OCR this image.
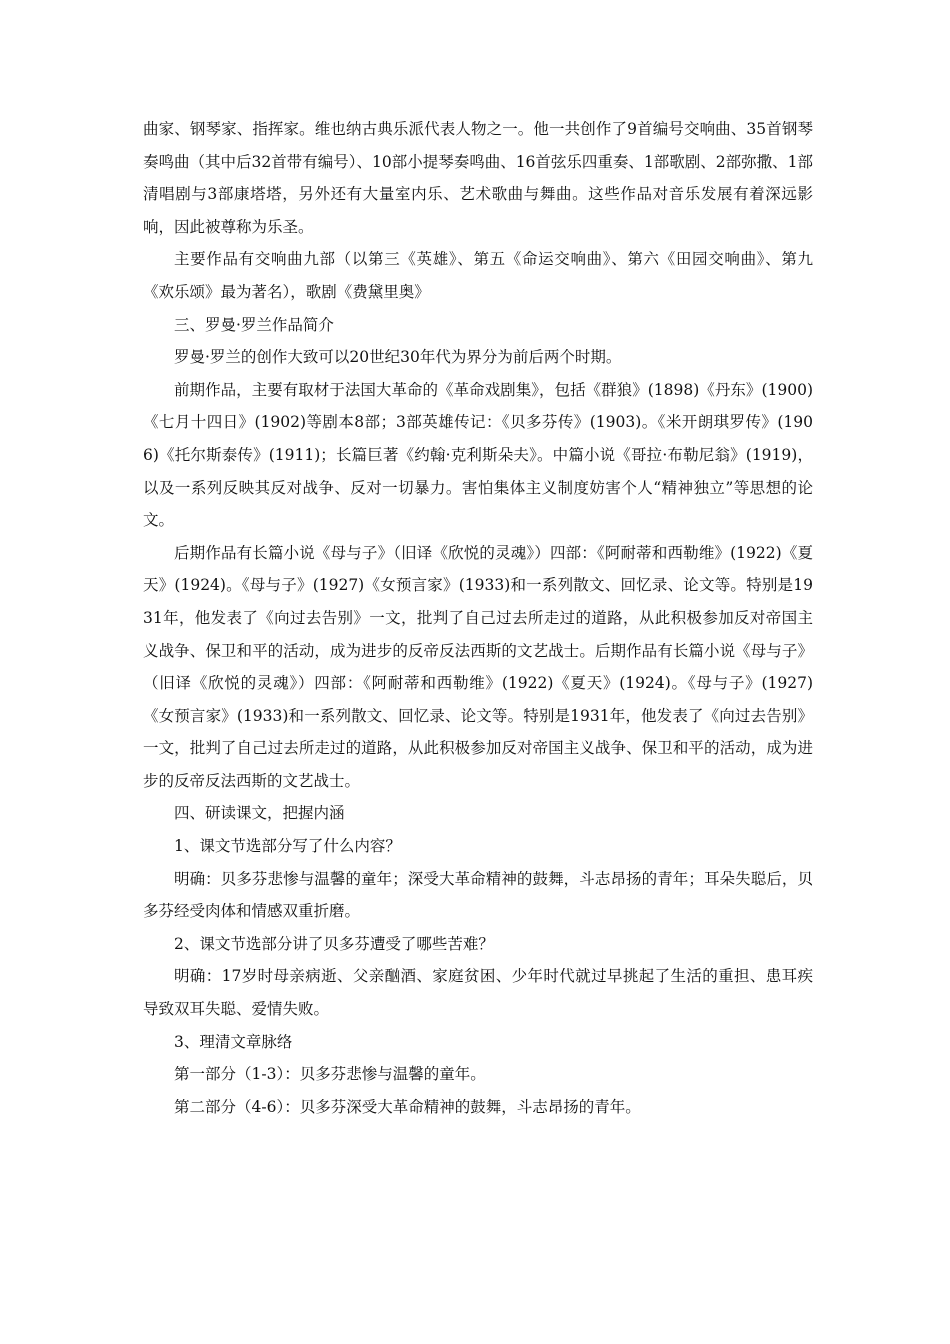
曲家、钢琴家、指挥家。维也纳古典乐派代表人物之一。他一共创作了9首编号交响曲、35首钢琴奏鸣曲（其中后32首带有编号）、10部小提琴奏鸣曲、16首弦乐四重奏、1部歌剧、2部弥撒、1部清唱剧与3部康塔塔，另外还有大量室内乐、艺术歌曲与舞曲。这些作品对音乐发展有着深远影响，因此被尊称为乐圣。

主要作品有交响曲九部（以第三《英雄》、第五《命运交响曲》、第六《田园交响曲》、第九《欢乐颂》最为著名），歌剧《费黛里奥》

三、罗曼·罗兰作品简介

罗曼·罗兰的创作大致可以20世纪30年代为界分为前后两个时期。

前期作品，主要有取材于法国大革命的《革命戏剧集》，包括《群狼》(1898)《丹东》(1900)《七月十四日》(1902)等剧本8部；3部英雄传记：《贝多芬传》(1903)。《米开朗琪罗传》(1906)《托尔斯泰传》(1911)；长篇巨著《约翰·克利斯朵夫》。中篇小说《哥拉·布勒尼翁》(1919)，以及一系列反映其反对战争、反对一切暴力。害怕集体主义制度妨害个人“精神独立”等思想的论文。

后期作品有长篇小说《母与子》（旧译《欣悦的灵魂》）四部：《阿耐蒂和西勒维》(1922)《夏天》(1924)。《母与子》(1927)《女预言家》(1933)和一系列散文、回忆录、论文等。特别是1931年，他发表了《向过去告别》一文，批判了自己过去所走过的道路，从此积极参加反对帝国主义战争、保卫和平的活动，成为进步的反帝反法西斯的文艺战士。后期作品有长篇小说《母与子》（旧译《欣悦的灵魂》）四部：《阿耐蒂和西勒维》(1922)《夏天》(1924)。《母与子》(1927)《女预言家》(1933)和一系列散文、回忆录、论文等。特别是1931年，他发表了《向过去告别》一文，批判了自己过去所走过的道路，从此积极参加反对帝国主义战争、保卫和平的活动，成为进步的反帝反法西斯的文艺战士。

四、研读课文，把握内涵

1、课文节选部分写了什么内容？

明确：贝多芬悲惨与温馨的童年；深受大革命精神的鼓舞，斗志昂扬的青年；耳朵失聪后，贝多芬经受肉体和情感双重折磨。

2、课文节选部分讲了贝多芬遭受了哪些苦难？

明确：17岁时母亲病逝、父亲酗酒、家庭贫困、少年时代就过早挑起了生活的重担、患耳疾导致双耳失聪、爱情失败。

3、理清文章脉络

第一部分（1-3）：贝多芬悲惨与温馨的童年。

第二部分（4-6）：贝多芬深受大革命精神的鼓舞，斗志昂扬的青年。
